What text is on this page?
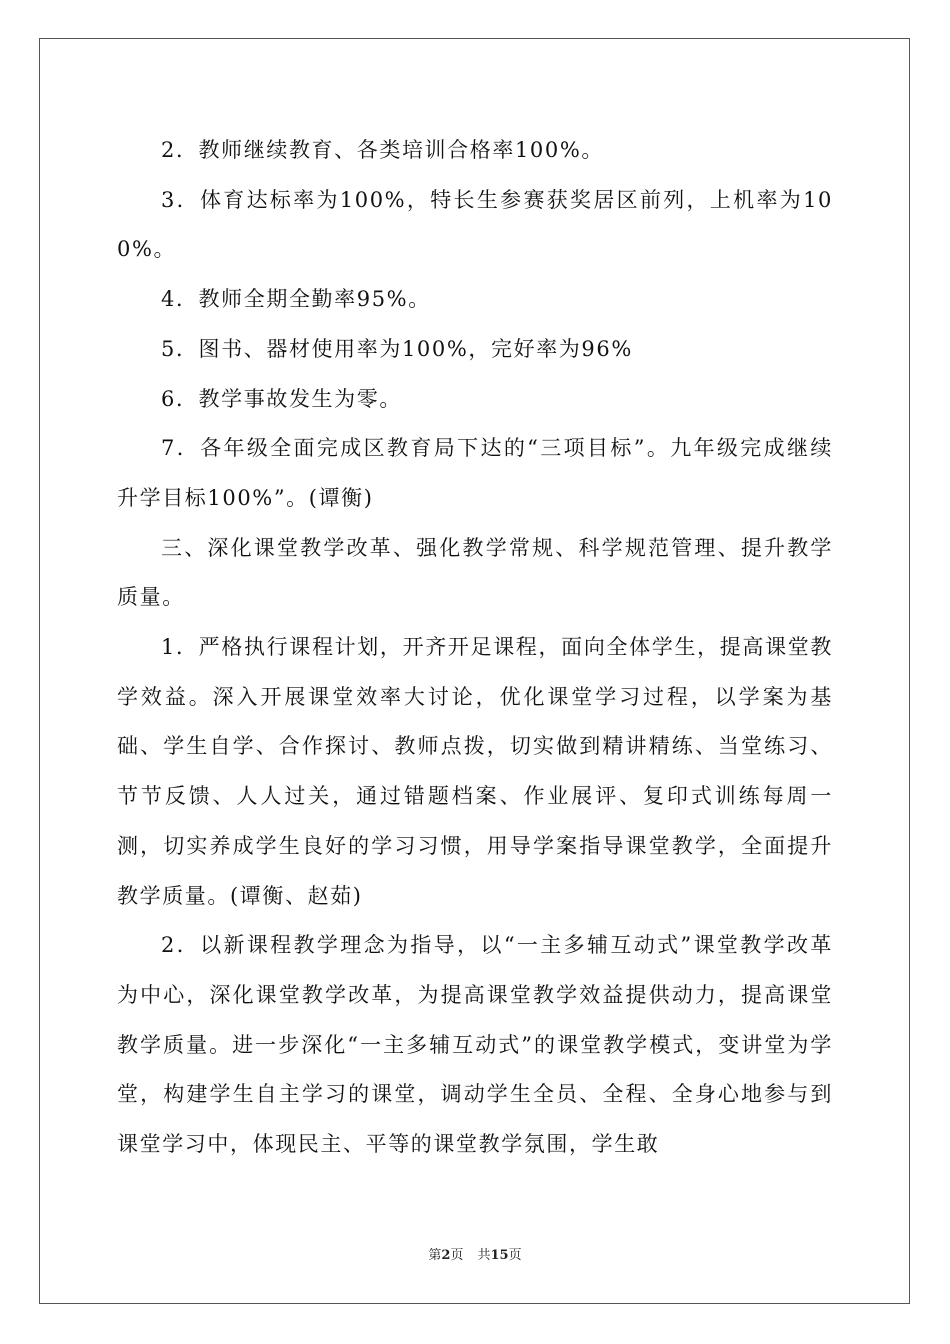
2．教师继续教育、各类培训合格率100%。

3．体育达标率为100%，特长生参赛获奖居区前列，上机率为100%。

4．教师全期全勤率95%。

5．图书、器材使用率为100%，完好率为96%

6．教学事故发生为零。

7．各年级全面完成区教育局下达的“三项目标”。九年级完成继续升学目标100%”。(谭衡)

三、深化课堂教学改革、强化教学常规、科学规范管理、提升教学质量。

1．严格执行课程计划，开齐开足课程，面向全体学生，提高课堂教学效益。深入开展课堂效率大讨论，优化课堂学习过程，以学案为基础、学生自学、合作探讨、教师点拨，切实做到精讲精练、当堂练习、节节反馈、人人过关，通过错题档案、作业展评、复印式训练每周一测，切实养成学生良好的学习习惯，用导学案指导课堂教学，全面提升教学质量。(谭衡、赵茹)

2．以新课程教学理念为指导，以“一主多辅互动式”课堂教学改革为中心，深化课堂教学改革，为提高课堂教学效益提供动力，提高课堂教学质量。进一步深化“一主多辅互动式”的课堂教学模式，变讲堂为学堂，构建学生自主学习的课堂，调动学生全员、全程、全身心地参与到课堂学习中，体现民主、平等的课堂教学氛围，学生敢

第2页 共15页
